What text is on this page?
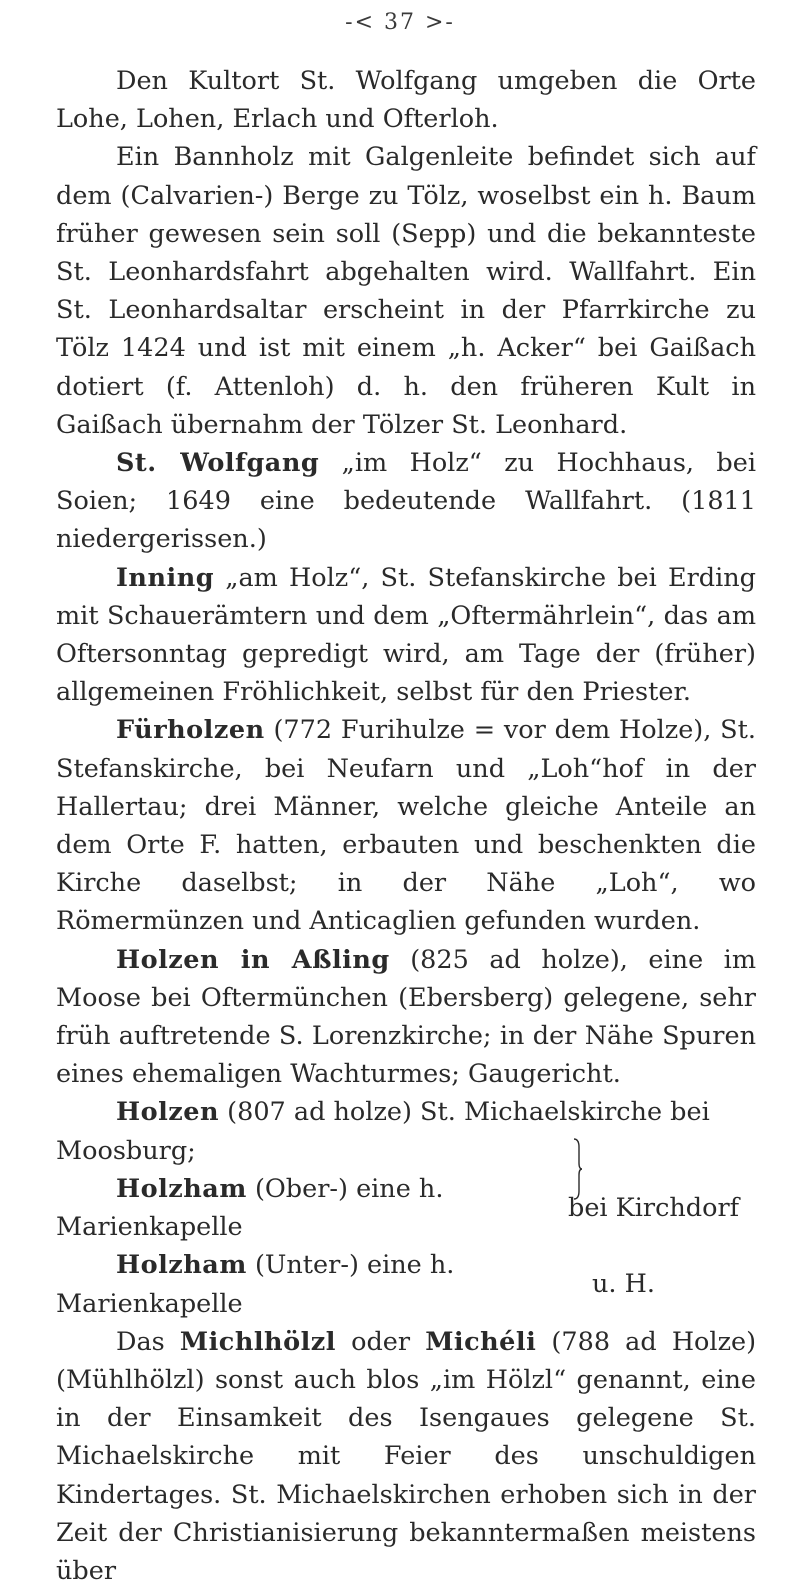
-< 37 >-

Den Kultort St. Wolfgang umgeben die Orte Lohe, Lohen, Erlach und Ofterloh.

Ein Bannholz mit Galgenleite befindet sich auf dem (Calvarien-) Berge zu Tölz, woselbst ein h. Baum früher gewesen sein soll (Sepp) und die bekannteste St. Leonhardsfahrt abgehalten wird. Wallfahrt. Ein St. Leonhardsaltar erscheint in der Pfarrkirche zu Tölz 1424 und ist mit einem „h. Acker“ bei Gaißach dotiert (f. Attenloh) d. h. den früheren Kult in Gaißach übernahm der Tölzer St. Leonhard.

St. Wolfgang „im Holz“ zu Hochhaus, bei Soien; 1649 eine bedeutende Wallfahrt. (1811 niedergerissen.)

Inning „am Holz“, St. Stefanskirche bei Erding mit Schauerämtern und dem „Oftermährlein“, das am Oftersonntag gepredigt wird, am Tage der (früher) allgemeinen Fröhlichkeit, selbst für den Priester.

Fürholzen (772 Furihulze = vor dem Holze), St. Stefanskirche, bei Neufarn und „Loh“hof in der Hallertau; drei Männer, welche gleiche Anteile an dem Orte F. hatten, erbauten und beschenkten die Kirche daselbst; in der Nähe „Loh“, wo Römermünzen und Anticaglien gefunden wurden.

Holzen in Aßling (825 ad holze), eine im Moose bei Oftermünchen (Ebersberg) gelegene, sehr früh auftretende S. Lorenzkirche; in der Nähe Spuren eines ehemaligen Wachturmes; Gaugericht.

Holzen (807 ad holze) St. Michaelskirche bei Moosburg;
Holzham (Ober-) eine h. Marienkapelle
bei Kirchdorf
Holzham (Unter-) eine h. Marienkapelle
u. H.

Das Michlhölzl oder Michéli (788 ad Holze) (Mühlhölzl) sonst auch blos „im Hölzl“ genannt, eine in der Einsamkeit des Isengaues gelegene St. Michaelskirche mit Feier des unschuldigen Kindertages. St. Michaelskirchen erhoben sich in der Zeit der Christianisierung bekanntermaßen meistens über
